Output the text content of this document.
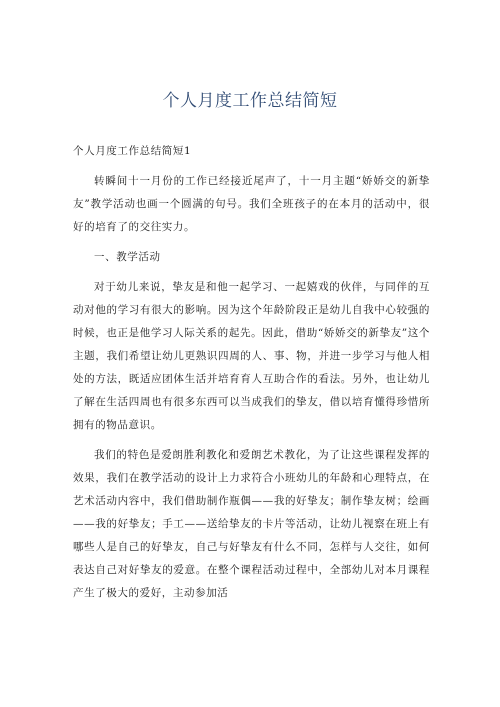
个人月度工作总结简短

个人月度工作总结简短1

转瞬间十一月份的工作已经接近尾声了，十一月主题“娇娇交的新挚友”教学活动也画一个圆满的句号。我们全班孩子的在本月的活动中，很好的培育了的交往实力。

一、教学活动

对于幼儿来说，挚友是和他一起学习、一起嬉戏的伙伴，与同伴的互动对他的学习有很大的影响。因为这个年龄阶段正是幼儿自我中心较强的时候，也正是他学习人际关系的起先。因此，借助“娇娇交的新挚友”这个主题，我们希望让幼儿更熟识四周的人、事、物，并进一步学习与他人相处的方法，既适应团体生活并培育育人互助合作的看法。另外，也让幼儿了解在生活四周也有很多东西可以当成我们的挚友，借以培育懂得珍惜所拥有的物品意识。

我们的特色是爱朗胜利教化和爱朗艺术教化，为了让这些课程发挥的效果，我们在教学活动的设计上力求符合小班幼儿的年龄和心理特点，在艺术活动内容中，我们借助制作瓶偶——我的好挚友；制作挚友树；绘画——我的好挚友；手工——送给挚友的卡片等活动，让幼儿视察在班上有哪些人是自己的好挚友，自己与好挚友有什么不同，怎样与人交往，如何表达自己对好挚友的爱意。在整个课程活动过程中，全部幼儿对本月课程产生了极大的爱好，主动参加活
